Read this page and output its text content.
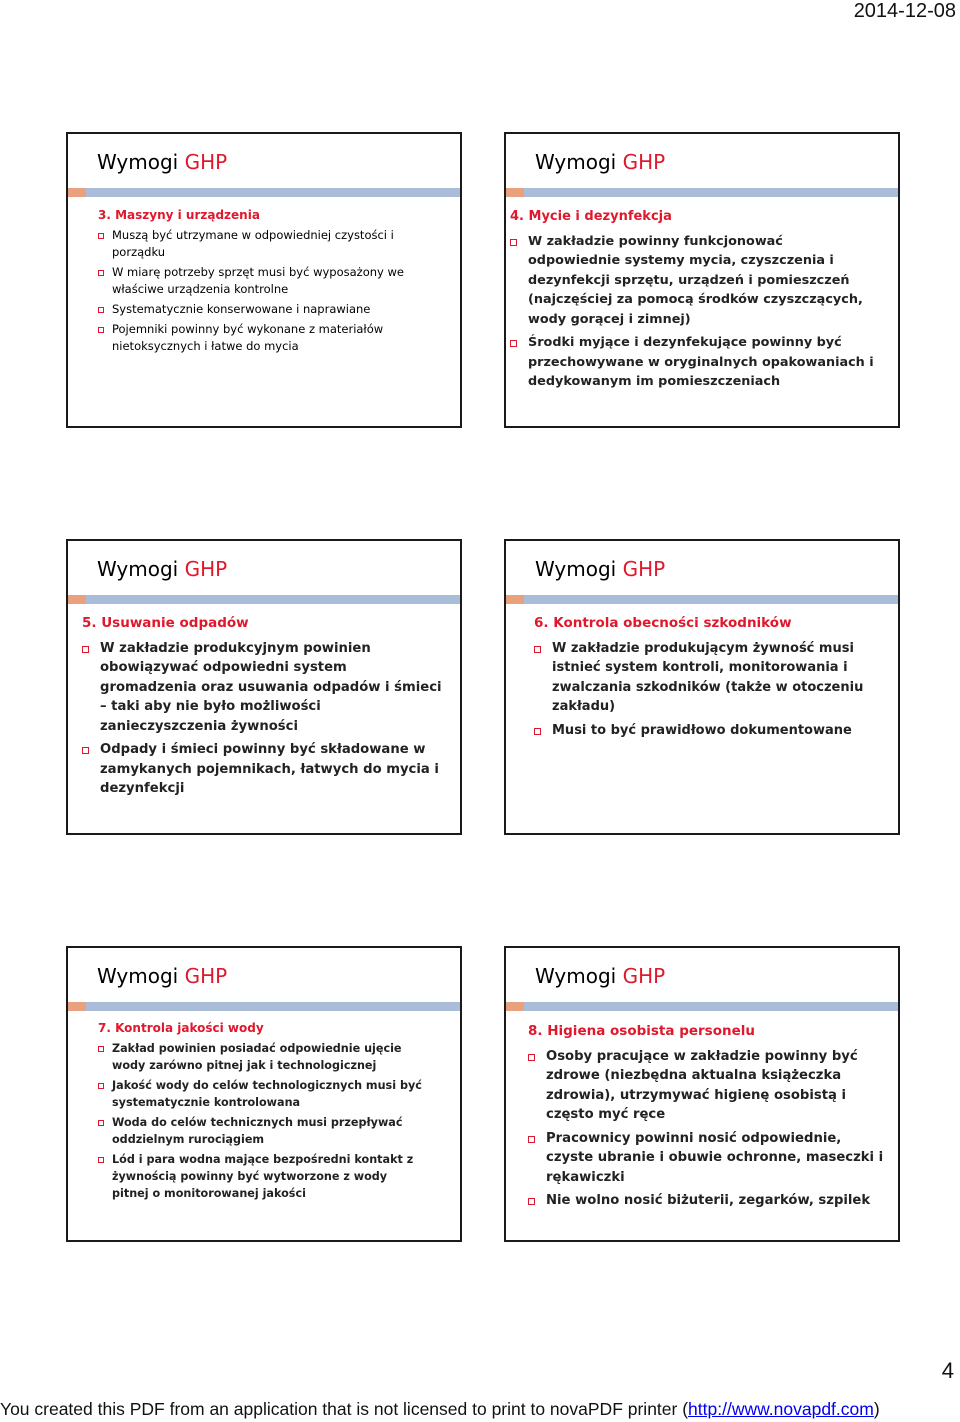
2014-12-08
Wymogi GHP
3. Maszyny i urządzenia
Muszą być utrzymane w odpowiedniej czystości i porządku
W miarę potrzeby sprzęt musi być wyposażony we właściwe urządzenia kontrolne
Systematycznie konserwowane i naprawiane
Pojemniki powinny być wykonane z materiałów nietoksycznych i łatwe do mycia
Wymogi GHP
4. Mycie i dezynfekcja
W zakładzie powinny funkcjonować odpowiednie systemy mycia, czyszczenia i dezynfekcji sprzętu, urządzeń i pomieszczeń (najczęściej za pomocą środków czyszczących, wody gorącej i zimnej)
Środki myjące i dezynfekujące powinny być przechowywane w oryginalnych opakowaniach i dedykowanym im pomieszczeniach
Wymogi GHP
5. Usuwanie odpadów
W zakładzie produkcyjnym powinien obowiązywać odpowiedni system gromadzenia oraz usuwania odpadów i śmieci – taki aby nie było możliwości zanieczyszczenia żywności
Odpady i śmieci powinny być składowane w zamykanych pojemnikach, łatwych do mycia i dezynfekcji
Wymogi GHP
6. Kontrola obecności szkodników
W zakładzie produkującym żywność musi istnieć system kontroli, monitorowania i zwalczania szkodników (także w otoczeniu zakładu)
Musi to być prawidłowo dokumentowane
Wymogi GHP
7. Kontrola jakości wody
Zakład powinien posiadać odpowiednie ujęcie wody zarówno pitnej jak i technologicznej
Jakość wody do celów technologicznych musi być systematycznie kontrolowana
Woda do celów technicznych musi przepływać oddzielnym rurociągiem
Lód i para wodna mające bezpośredni kontakt z żywnością powinny być wytworzone z wody pitnej o monitorowanej jakości
Wymogi GHP
8. Higiena osobista personelu
Osoby pracujące w zakładzie powinny być zdrowe (niezbędna aktualna książeczka zdrowia), utrzymywać higienę osobistą i często myć ręce
Pracownicy powinni nosić odpowiednie, czyste ubranie i obuwie ochronne, maseczki i rękawiczki
Nie wolno nosić biżuterii, zegarków, szpilek
4
You created this PDF from an application that is not licensed to print to novaPDF printer (http://www.novapdf.com)
